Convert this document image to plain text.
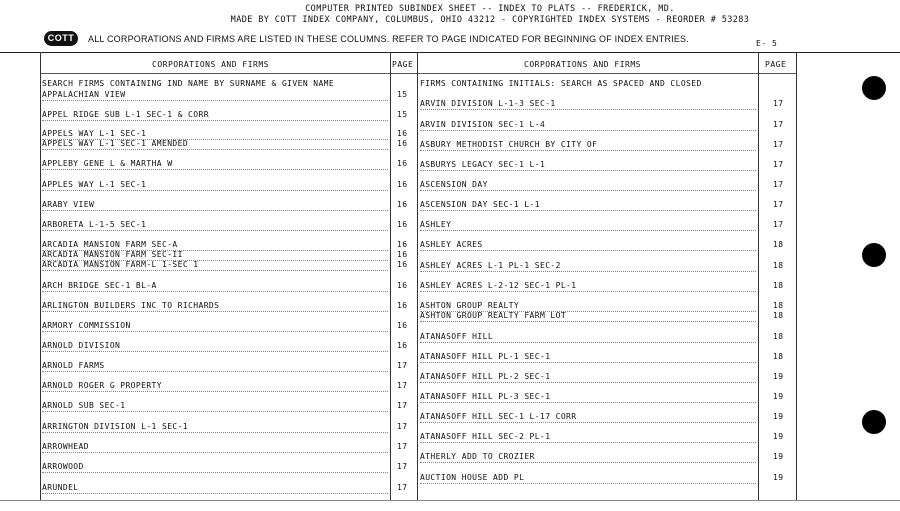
COMPUTER PRINTED SUBINDEX SHEET -- INDEX TO PLATS -- FREDERICK, MD.
MADE BY COTT INDEX COMPANY, COLUMBUS, OHIO 43212 - COPYRIGHTED INDEX SYSTEMS - REORDER # 53283
COTT	ALL CORPORATIONS AND FIRMS ARE LISTED IN THESE COLUMNS. REFER TO PAGE INDICATED FOR BEGINNING OF INDEX ENTRIES.	E- 5
CORPORATIONS AND FIRMS	PAGE	CORPORATIONS AND FIRMS	PAGE
SEARCH FIRMS CONTAINING IND NAME BY SURNAME & GIVEN NAME
APPALACHIAN VIEW	15
APPEL RIDGE SUB L-1 SEC-1 & CORR	15
APPELS WAY L-1 SEC-1	16
APPELS WAY L-1 SEC-1 AMENDED	16
APPLEBY GENE L & MARTHA W	16
APPLES WAY L-1 SEC-1	16
ARABY VIEW	16
ARBORETA L-1-5 SEC-1	16
ARCADIA MANSION FARM SEC-A	16
ARCADIA MANSION FARM SEC-II	16
ARCADIA MANSION FARM-L 1-SEC 1	16
ARCH BRIDGE SEC-1 BL-A	16
ARLINGTON BUILDERS INC TO RICHARDS	16
ARMORY COMMISSION	16
ARNOLD DIVISION	16
ARNOLD FARMS	17
ARNOLD ROGER G PROPERTY	17
ARNOLD SUB SEC-1	17
ARRINGTON DIVISION L-1 SEC-1	17
ARROWHEAD	17
ARROWOOD	17
ARUNDEL	17
FIRMS CONTAINING INITIALS: SEARCH AS SPACED AND CLOSED
ARVIN DIVISION L-1-3 SEC-1	17
ARVIN DIVISION SEC-1 L-4	17
ASBURY METHODIST CHURCH BY CITY OF	17
ASBURYS LEGACY SEC-1 L-1	17
ASCENSION DAY	17
ASCENSION DAY SEC-1 L-1	17
ASHLEY	17
ASHLEY ACRES	18
ASHLEY ACRES L-1 PL-1 SEC-2	18
ASHLEY ACRES L-2-12 SEC-1 PL-1	18
ASHTON GROUP REALTY	18
ASHTON GROUP REALTY FARM LOT	18
ATANASOFF HILL	18
ATANASOFF HILL PL-1 SEC-1	18
ATANASOFF HILL PL-2 SEC-1	19
ATANASOFF HILL PL-3 SEC-1	19
ATANASOFF HILL SEC-1 L-17 CORR	19
ATANASOFF HILL SEC-2 PL-1	19
ATHERLY ADD TO CROZIER	19
AUCTION HOUSE ADD PL	19
